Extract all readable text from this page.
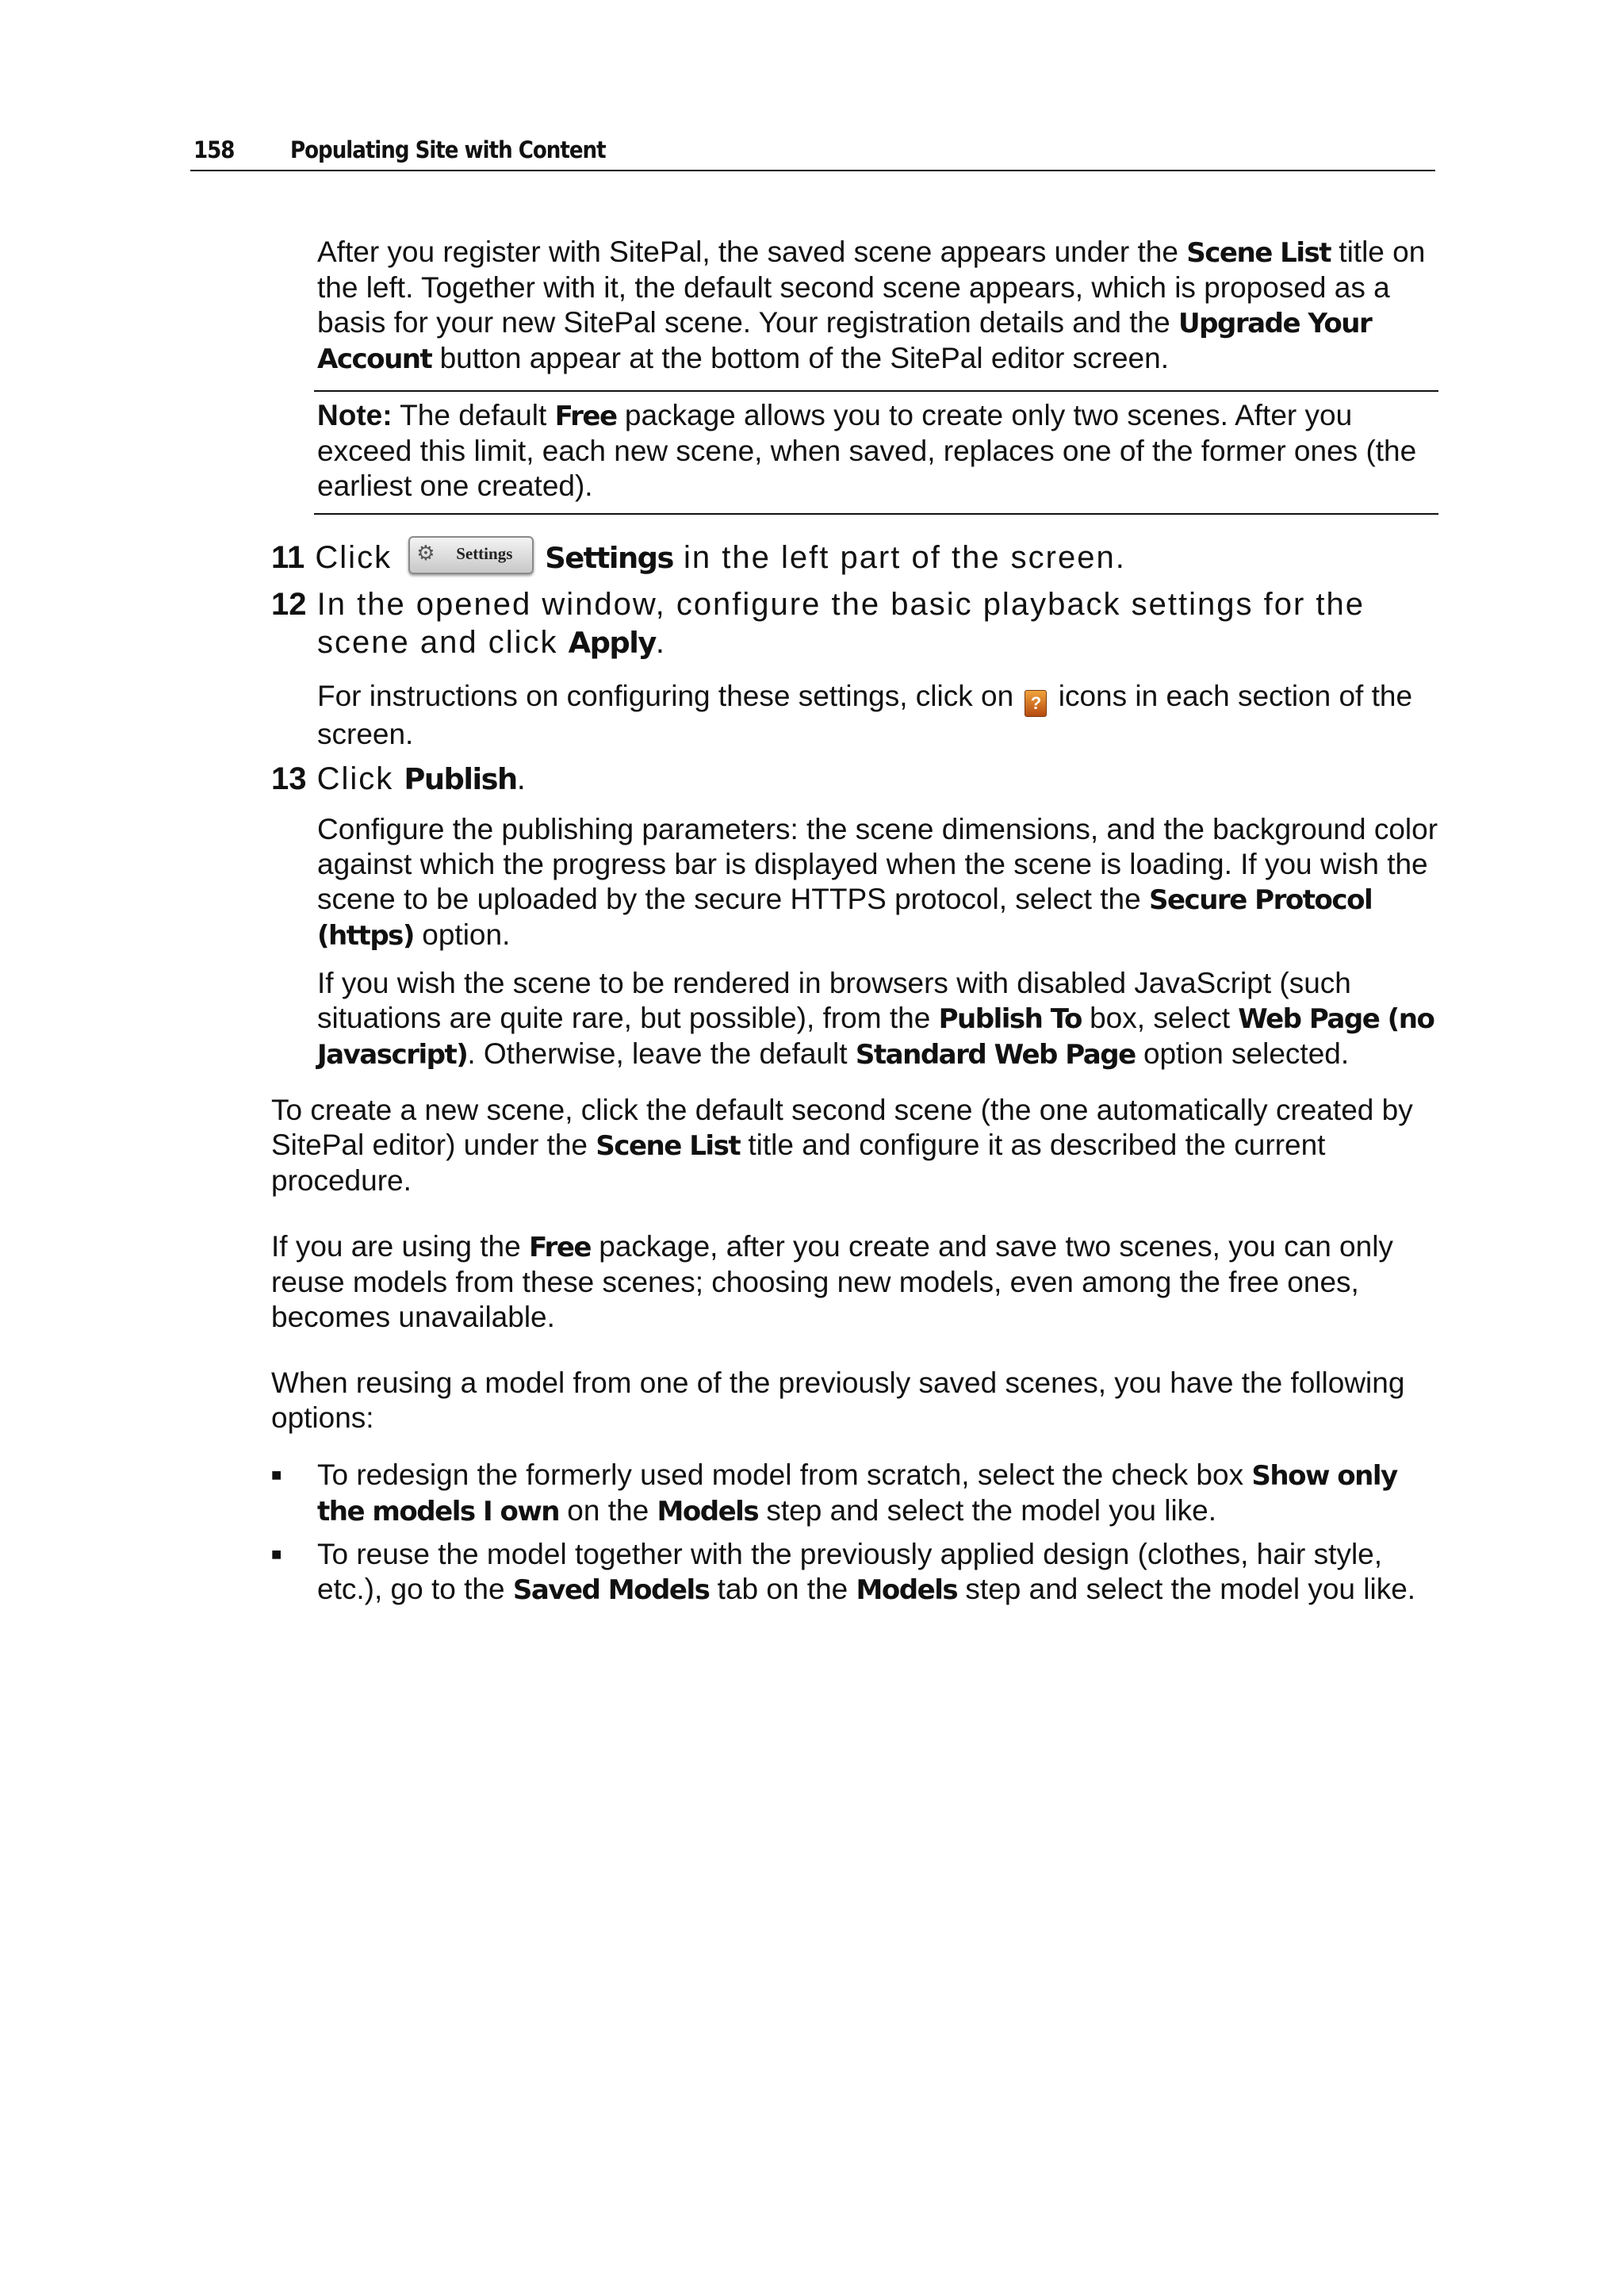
158 Populating Site with Content

After you register with SitePal, the saved scene appears under the Scene List title on the left. Together with it, the default second scene appears, which is proposed as a basis for your new SitePal scene. Your registration details and the Upgrade Your Account button appear at the bottom of the SitePal editor screen.

Note: The default Free package allows you to create only two scenes. After you exceed this limit, each new scene, when saved, replaces one of the former ones (the earliest one created).
11 Click ⚙ Settings Settings in the left part of the screen.
12 In the opened window, configure the basic playback settings for the
scene and click Apply.

For instructions on configuring these settings, click on ? icons in each section of the screen.

13 Click Publish.

Configure the publishing parameters: the scene dimensions, and the background color against which the progress bar is displayed when the scene is loading. If you wish the scene to be uploaded by the secure HTTPS protocol, select the Secure Protocol (https) option.

If you wish the scene to be rendered in browsers with disabled JavaScript (such situations are quite rare, but possible), from the Publish To box, select Web Page (no Javascript). Otherwise, leave the default Standard Web Page option selected.

To create a new scene, click the default second scene (the one automatically created by SitePal editor) under the Scene List title and configure it as described the current procedure.

If you are using the Free package, after you create and save two scenes, you can only reuse models from these scenes; choosing new models, even among the free ones, becomes unavailable.

When reusing a model from one of the previously saved scenes, you have the following options:

■	To redesign the formerly used model from scratch, select the check box Show only the models I own on the Models step and select the model you like.
■	To reuse the model together with the previously applied design (clothes, hair style, etc.), go to the Saved Models tab on the Models step and select the model you like.
